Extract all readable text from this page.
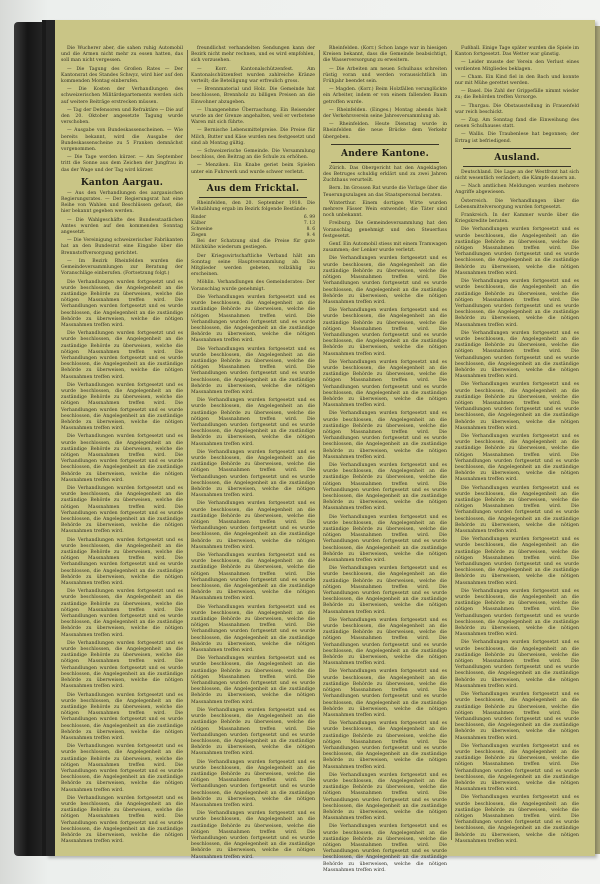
Die Wucherer aber, die sahen ruhig Automobil und die Armen nicht mehr zu essen hatten, das soll man nicht vergessen.

— Die Tagung des Großen Rates — Der Kantonsrat des Standes Schwyz, wird hier auf den kommenden Montag einberufen.

— Die Kosten der Verhandlungen des schweizerischen Militärdepartements werden sich auf weitere Beiträge erstrecken müssen.

— Tag der Defensoren und Refraktäre — Die auf den 20. Oktober angesetzte Tagung wurde verschoben.

— Ausgabe von Bundeskassenscheinen. — Wie bereits bekannt, wird die Ausgabe der Bundeskassenscheine zu 5 Franken demnächst vorgenommen.

— Die Tage werden kürzer. — Am September tritt die Sonne aus dem Zeichen der Jungfrau in das der Wage und der Tag wird kürzer.

Kanton Aargau.

— Aus den Verhandlungen des aargauischen Regierungsrates. — Der Regierungsrat hat eine Reihe von Wahlen und Beschlüssen gefasst, die hier bekannt gegeben werden.

— Die Wahlgeschäfte des Bundesstaatlichen Amtes wurden auf den kommenden Sonntag angesetzt.

— Die Vereinigung schweizerischer Fabrikanten hat an den Bundesrat eine Eingabe über die Brennstoffversorgung gerichtet.

— Im Bezirk Rheinfelden wurden die Gemeindeversammlungen zur Beratung der Voranschläge einberufen. (Fortsetzung folgt.)

Die Verhandlungen wurden fortgesetzt und es wurde beschlossen, die Angelegenheit an die zuständige Behörde zu überweisen, welche die nötigen Massnahmen treffen wird. Die Verhandlungen wurden fortgesetzt und es wurde beschlossen, die Angelegenheit an die zuständige Behörde zu überweisen, welche die nötigen Massnahmen treffen wird.

Die Verhandlungen wurden fortgesetzt und es wurde beschlossen, die Angelegenheit an die zuständige Behörde zu überweisen, welche die nötigen Massnahmen treffen wird. Die Verhandlungen wurden fortgesetzt und es wurde beschlossen, die Angelegenheit an die zuständige Behörde zu überweisen, welche die nötigen Massnahmen treffen wird.

Die Verhandlungen wurden fortgesetzt und es wurde beschlossen, die Angelegenheit an die zuständige Behörde zu überweisen, welche die nötigen Massnahmen treffen wird. Die Verhandlungen wurden fortgesetzt und es wurde beschlossen, die Angelegenheit an die zuständige Behörde zu überweisen, welche die nötigen Massnahmen treffen wird.

Die Verhandlungen wurden fortgesetzt und es wurde beschlossen, die Angelegenheit an die zuständige Behörde zu überweisen, welche die nötigen Massnahmen treffen wird. Die Verhandlungen wurden fortgesetzt und es wurde beschlossen, die Angelegenheit an die zuständige Behörde zu überweisen, welche die nötigen Massnahmen treffen wird.

Die Verhandlungen wurden fortgesetzt und es wurde beschlossen, die Angelegenheit an die zuständige Behörde zu überweisen, welche die nötigen Massnahmen treffen wird. Die Verhandlungen wurden fortgesetzt und es wurde beschlossen, die Angelegenheit an die zuständige Behörde zu überweisen, welche die nötigen Massnahmen treffen wird.

Die Verhandlungen wurden fortgesetzt und es wurde beschlossen, die Angelegenheit an die zuständige Behörde zu überweisen, welche die nötigen Massnahmen treffen wird. Die Verhandlungen wurden fortgesetzt und es wurde beschlossen, die Angelegenheit an die zuständige Behörde zu überweisen, welche die nötigen Massnahmen treffen wird.

Die Verhandlungen wurden fortgesetzt und es wurde beschlossen, die Angelegenheit an die zuständige Behörde zu überweisen, welche die nötigen Massnahmen treffen wird. Die Verhandlungen wurden fortgesetzt und es wurde beschlossen, die Angelegenheit an die zuständige Behörde zu überweisen, welche die nötigen Massnahmen treffen wird.

Die Verhandlungen wurden fortgesetzt und es wurde beschlossen, die Angelegenheit an die zuständige Behörde zu überweisen, welche die nötigen Massnahmen treffen wird. Die Verhandlungen wurden fortgesetzt und es wurde beschlossen, die Angelegenheit an die zuständige Behörde zu überweisen, welche die nötigen Massnahmen treffen wird.

Die Verhandlungen wurden fortgesetzt und es wurde beschlossen, die Angelegenheit an die zuständige Behörde zu überweisen, welche die nötigen Massnahmen treffen wird. Die Verhandlungen wurden fortgesetzt und es wurde beschlossen, die Angelegenheit an die zuständige Behörde zu überweisen, welche die nötigen Massnahmen treffen wird.

Die Verhandlungen wurden fortgesetzt und es wurde beschlossen, die Angelegenheit an die zuständige Behörde zu überweisen, welche die nötigen Massnahmen treffen wird. Die Verhandlungen wurden fortgesetzt und es wurde beschlossen, die Angelegenheit an die zuständige Behörde zu überweisen, welche die nötigen Massnahmen treffen wird.

Die Verhandlungen wurden fortgesetzt und es wurde beschlossen, die Angelegenheit an die zuständige Behörde zu überweisen, welche die nötigen Massnahmen treffen wird. Die Verhandlungen wurden fortgesetzt und es wurde beschlossen, die Angelegenheit an die zuständige Behörde zu überweisen, welche die nötigen Massnahmen treffen wird.

freundlichst verhandelten Sendungen kann der Bezirk nicht mehr rechnen, und es wird empfohlen, sich vorzusehen.

— Korr. Kantonalschützenfest. Am Kantonalschützenfest wurden zahlreiche Kränze verteilt; die Beteiligung war erfreulich gross.

— Brennmaterial und Holz. Die Gemeinde hat beschlossen, Brennholz zu billigen Preisen an die Einwohner abzugeben.

— Unangenehme Überraschung. Ein Reisender wurde an der Grenze angehalten, weil er verbotene Waren mit sich führte.

— Bernische Lebensmittelpreise. Die Preise für Milch, Butter und Käse wurden neu festgesetzt und sind ab Montag gültig.

— Schweizerische Gemeinde. Die Versammlung beschloss, den Beitrag an die Schule zu erhöhen.

— Menziken. Ein Knabe geriet beim Spielen unter ein Fuhrwerk und wurde schwer verletzt.

Aus dem Fricktal.

Rheinfelden, den 20. September 1918. Die Viehzählung ergab im Bezirk folgende Bestände:

Rinder	6. 99
Kälber	7. 13
Schweine	8. 6
Ziegen	9. 4

Bei der Schatzung sind die Preise für gute Milchkühe wiederum gestiegen.

Der Kriegswirtschaftliche Verband hält am Sonntag seine Hauptversammlung ab. Die Mitglieder werden gebeten, vollzählig zu erscheinen.

Möhlin. Verhandlungen des Gemeinderates: Der Voranschlag wurde genehmigt.

Die Verhandlungen wurden fortgesetzt und es wurde beschlossen, die Angelegenheit an die zuständige Behörde zu überweisen, welche die nötigen Massnahmen treffen wird. Die Verhandlungen wurden fortgesetzt und es wurde beschlossen, die Angelegenheit an die zuständige Behörde zu überweisen, welche die nötigen Massnahmen treffen wird.

Die Verhandlungen wurden fortgesetzt und es wurde beschlossen, die Angelegenheit an die zuständige Behörde zu überweisen, welche die nötigen Massnahmen treffen wird. Die Verhandlungen wurden fortgesetzt und es wurde beschlossen, die Angelegenheit an die zuständige Behörde zu überweisen, welche die nötigen Massnahmen treffen wird.

Die Verhandlungen wurden fortgesetzt und es wurde beschlossen, die Angelegenheit an die zuständige Behörde zu überweisen, welche die nötigen Massnahmen treffen wird. Die Verhandlungen wurden fortgesetzt und es wurde beschlossen, die Angelegenheit an die zuständige Behörde zu überweisen, welche die nötigen Massnahmen treffen wird.

Die Verhandlungen wurden fortgesetzt und es wurde beschlossen, die Angelegenheit an die zuständige Behörde zu überweisen, welche die nötigen Massnahmen treffen wird. Die Verhandlungen wurden fortgesetzt und es wurde beschlossen, die Angelegenheit an die zuständige Behörde zu überweisen, welche die nötigen Massnahmen treffen wird.

Die Verhandlungen wurden fortgesetzt und es wurde beschlossen, die Angelegenheit an die zuständige Behörde zu überweisen, welche die nötigen Massnahmen treffen wird. Die Verhandlungen wurden fortgesetzt und es wurde beschlossen, die Angelegenheit an die zuständige Behörde zu überweisen, welche die nötigen Massnahmen treffen wird.

Die Verhandlungen wurden fortgesetzt und es wurde beschlossen, die Angelegenheit an die zuständige Behörde zu überweisen, welche die nötigen Massnahmen treffen wird. Die Verhandlungen wurden fortgesetzt und es wurde beschlossen, die Angelegenheit an die zuständige Behörde zu überweisen, welche die nötigen Massnahmen treffen wird.

Die Verhandlungen wurden fortgesetzt und es wurde beschlossen, die Angelegenheit an die zuständige Behörde zu überweisen, welche die nötigen Massnahmen treffen wird. Die Verhandlungen wurden fortgesetzt und es wurde beschlossen, die Angelegenheit an die zuständige Behörde zu überweisen, welche die nötigen Massnahmen treffen wird.

Die Verhandlungen wurden fortgesetzt und es wurde beschlossen, die Angelegenheit an die zuständige Behörde zu überweisen, welche die nötigen Massnahmen treffen wird. Die Verhandlungen wurden fortgesetzt und es wurde beschlossen, die Angelegenheit an die zuständige Behörde zu überweisen, welche die nötigen Massnahmen treffen wird.

Die Verhandlungen wurden fortgesetzt und es wurde beschlossen, die Angelegenheit an die zuständige Behörde zu überweisen, welche die nötigen Massnahmen treffen wird. Die Verhandlungen wurden fortgesetzt und es wurde beschlossen, die Angelegenheit an die zuständige Behörde zu überweisen, welche die nötigen Massnahmen treffen wird.

Die Verhandlungen wurden fortgesetzt und es wurde beschlossen, die Angelegenheit an die zuständige Behörde zu überweisen, welche die nötigen Massnahmen treffen wird. Die Verhandlungen wurden fortgesetzt und es wurde beschlossen, die Angelegenheit an die zuständige Behörde zu überweisen, welche die nötigen Massnahmen treffen wird.

Die Verhandlungen wurden fortgesetzt und es wurde beschlossen, die Angelegenheit an die zuständige Behörde zu überweisen, welche die nötigen Massnahmen treffen wird. Die Verhandlungen wurden fortgesetzt und es wurde beschlossen, die Angelegenheit an die zuständige Behörde zu überweisen, welche die nötigen Massnahmen treffen wird.

Rheinfelden. (Korr.) Schon lange war in hiesigen Kreisen bekannt, dass die Gemeinde beabsichtigt, die Wasserversorgung zu erweitern.

— Die Arbeiten am neuen Schulhaus schreiten rüstig voran und werden voraussichtlich im Frühjahr beendet sein.

— Magden. (Korr.) Beim Holzfällen verunglückte ein Arbeiter, indem er von einem fallenden Baum getroffen wurde.

— Rheinfelden. (Einges.) Montag abends hielt der Verkehrsverein seine Jahresversammlung ab.

— Rheinfelden. Heute Dienstag wurde in Rheinfelden die neue Brücke dem Verkehr übergeben.

Andere Kantone.

Zürich. Das Obergericht hat den Angeklagten des Betruges schuldig erklärt und zu zwei Jahren Zuchthaus verurteilt.

Bern. Im Grossen Rat wurde die Vorlage über die Teuerungszulagen an das Staatspersonal beraten.

Winterthur. Einem dortigen Wirte wurden mehrere Fässer Wein entwendet; die Täter sind noch unbekannt.

Freiburg. Die Gemeindeversammlung hat den Voranschlag genehmigt und den Steuerfuss festgesetzt.

Genf. Ein Automobil stiess mit einem Tramwagen zusammen; der Lenker wurde verletzt.

Die Verhandlungen wurden fortgesetzt und es wurde beschlossen, die Angelegenheit an die zuständige Behörde zu überweisen, welche die nötigen Massnahmen treffen wird. Die Verhandlungen wurden fortgesetzt und es wurde beschlossen, die Angelegenheit an die zuständige Behörde zu überweisen, welche die nötigen Massnahmen treffen wird.

Die Verhandlungen wurden fortgesetzt und es wurde beschlossen, die Angelegenheit an die zuständige Behörde zu überweisen, welche die nötigen Massnahmen treffen wird. Die Verhandlungen wurden fortgesetzt und es wurde beschlossen, die Angelegenheit an die zuständige Behörde zu überweisen, welche die nötigen Massnahmen treffen wird.

Die Verhandlungen wurden fortgesetzt und es wurde beschlossen, die Angelegenheit an die zuständige Behörde zu überweisen, welche die nötigen Massnahmen treffen wird. Die Verhandlungen wurden fortgesetzt und es wurde beschlossen, die Angelegenheit an die zuständige Behörde zu überweisen, welche die nötigen Massnahmen treffen wird.

Die Verhandlungen wurden fortgesetzt und es wurde beschlossen, die Angelegenheit an die zuständige Behörde zu überweisen, welche die nötigen Massnahmen treffen wird. Die Verhandlungen wurden fortgesetzt und es wurde beschlossen, die Angelegenheit an die zuständige Behörde zu überweisen, welche die nötigen Massnahmen treffen wird.

Die Verhandlungen wurden fortgesetzt und es wurde beschlossen, die Angelegenheit an die zuständige Behörde zu überweisen, welche die nötigen Massnahmen treffen wird. Die Verhandlungen wurden fortgesetzt und es wurde beschlossen, die Angelegenheit an die zuständige Behörde zu überweisen, welche die nötigen Massnahmen treffen wird.

Die Verhandlungen wurden fortgesetzt und es wurde beschlossen, die Angelegenheit an die zuständige Behörde zu überweisen, welche die nötigen Massnahmen treffen wird. Die Verhandlungen wurden fortgesetzt und es wurde beschlossen, die Angelegenheit an die zuständige Behörde zu überweisen, welche die nötigen Massnahmen treffen wird.

Die Verhandlungen wurden fortgesetzt und es wurde beschlossen, die Angelegenheit an die zuständige Behörde zu überweisen, welche die nötigen Massnahmen treffen wird. Die Verhandlungen wurden fortgesetzt und es wurde beschlossen, die Angelegenheit an die zuständige Behörde zu überweisen, welche die nötigen Massnahmen treffen wird.

Die Verhandlungen wurden fortgesetzt und es wurde beschlossen, die Angelegenheit an die zuständige Behörde zu überweisen, welche die nötigen Massnahmen treffen wird. Die Verhandlungen wurden fortgesetzt und es wurde beschlossen, die Angelegenheit an die zuständige Behörde zu überweisen, welche die nötigen Massnahmen treffen wird.

Die Verhandlungen wurden fortgesetzt und es wurde beschlossen, die Angelegenheit an die zuständige Behörde zu überweisen, welche die nötigen Massnahmen treffen wird. Die Verhandlungen wurden fortgesetzt und es wurde beschlossen, die Angelegenheit an die zuständige Behörde zu überweisen, welche die nötigen Massnahmen treffen wird.

Die Verhandlungen wurden fortgesetzt und es wurde beschlossen, die Angelegenheit an die zuständige Behörde zu überweisen, welche die nötigen Massnahmen treffen wird. Die Verhandlungen wurden fortgesetzt und es wurde beschlossen, die Angelegenheit an die zuständige Behörde zu überweisen, welche die nötigen Massnahmen treffen wird.

Die Verhandlungen wurden fortgesetzt und es wurde beschlossen, die Angelegenheit an die zuständige Behörde zu überweisen, welche die nötigen Massnahmen treffen wird. Die Verhandlungen wurden fortgesetzt und es wurde beschlossen, die Angelegenheit an die zuständige Behörde zu überweisen, welche die nötigen Massnahmen treffen wird.

Die Verhandlungen wurden fortgesetzt und es wurde beschlossen, die Angelegenheit an die zuständige Behörde zu überweisen, welche die nötigen Massnahmen treffen wird. Die Verhandlungen wurden fortgesetzt und es wurde beschlossen, die Angelegenheit an die zuständige Behörde zu überweisen, welche die nötigen Massnahmen treffen wird.

Fußball. Einige Tage später wurden die Spiele im Kanton fortgesetzt. Das Wetter war günstig.

— Leider musste der Verein den Verlust eines verdienten Mitgliedes beklagen.

— Cham. Ein Kind fiel in den Bach und konnte nur mit Mühe gerettet werden.

— Basel. Die Zahl der Grippefälle nimmt wieder zu; die Behörden treffen Vorsorge.

— Thurgau. Die Obstausstellung in Frauenfeld war reich beschickt.

— Zug. Am Sonntag fand die Einweihung des neuen Schulhauses statt.

— Wallis. Die Traubenlese hat begonnen; der Ertrag ist befriedigend.

Ausland.

Deutschland. Die Lage an der Westfront hat sich nicht wesentlich verändert; die Kämpfe dauern an.

— Nach amtlichen Meldungen wurden mehrere Angriffe abgewiesen.

Österreich. Die Verhandlungen über die Lebensmittelversorgung wurden fortgesetzt.

Frankreich. In der Kammer wurde über die Kriegskredite beraten.

Die Verhandlungen wurden fortgesetzt und es wurde beschlossen, die Angelegenheit an die zuständige Behörde zu überweisen, welche die nötigen Massnahmen treffen wird. Die Verhandlungen wurden fortgesetzt und es wurde beschlossen, die Angelegenheit an die zuständige Behörde zu überweisen, welche die nötigen Massnahmen treffen wird.

Die Verhandlungen wurden fortgesetzt und es wurde beschlossen, die Angelegenheit an die zuständige Behörde zu überweisen, welche die nötigen Massnahmen treffen wird. Die Verhandlungen wurden fortgesetzt und es wurde beschlossen, die Angelegenheit an die zuständige Behörde zu überweisen, welche die nötigen Massnahmen treffen wird.

Die Verhandlungen wurden fortgesetzt und es wurde beschlossen, die Angelegenheit an die zuständige Behörde zu überweisen, welche die nötigen Massnahmen treffen wird. Die Verhandlungen wurden fortgesetzt und es wurde beschlossen, die Angelegenheit an die zuständige Behörde zu überweisen, welche die nötigen Massnahmen treffen wird.

Die Verhandlungen wurden fortgesetzt und es wurde beschlossen, die Angelegenheit an die zuständige Behörde zu überweisen, welche die nötigen Massnahmen treffen wird. Die Verhandlungen wurden fortgesetzt und es wurde beschlossen, die Angelegenheit an die zuständige Behörde zu überweisen, welche die nötigen Massnahmen treffen wird.

Die Verhandlungen wurden fortgesetzt und es wurde beschlossen, die Angelegenheit an die zuständige Behörde zu überweisen, welche die nötigen Massnahmen treffen wird. Die Verhandlungen wurden fortgesetzt und es wurde beschlossen, die Angelegenheit an die zuständige Behörde zu überweisen, welche die nötigen Massnahmen treffen wird.

Die Verhandlungen wurden fortgesetzt und es wurde beschlossen, die Angelegenheit an die zuständige Behörde zu überweisen, welche die nötigen Massnahmen treffen wird. Die Verhandlungen wurden fortgesetzt und es wurde beschlossen, die Angelegenheit an die zuständige Behörde zu überweisen, welche die nötigen Massnahmen treffen wird.

Die Verhandlungen wurden fortgesetzt und es wurde beschlossen, die Angelegenheit an die zuständige Behörde zu überweisen, welche die nötigen Massnahmen treffen wird. Die Verhandlungen wurden fortgesetzt und es wurde beschlossen, die Angelegenheit an die zuständige Behörde zu überweisen, welche die nötigen Massnahmen treffen wird.

Die Verhandlungen wurden fortgesetzt und es wurde beschlossen, die Angelegenheit an die zuständige Behörde zu überweisen, welche die nötigen Massnahmen treffen wird. Die Verhandlungen wurden fortgesetzt und es wurde beschlossen, die Angelegenheit an die zuständige Behörde zu überweisen, welche die nötigen Massnahmen treffen wird.

Die Verhandlungen wurden fortgesetzt und es wurde beschlossen, die Angelegenheit an die zuständige Behörde zu überweisen, welche die nötigen Massnahmen treffen wird. Die Verhandlungen wurden fortgesetzt und es wurde beschlossen, die Angelegenheit an die zuständige Behörde zu überweisen, welche die nötigen Massnahmen treffen wird.

Die Verhandlungen wurden fortgesetzt und es wurde beschlossen, die Angelegenheit an die zuständige Behörde zu überweisen, welche die nötigen Massnahmen treffen wird. Die Verhandlungen wurden fortgesetzt und es wurde beschlossen, die Angelegenheit an die zuständige Behörde zu überweisen, welche die nötigen Massnahmen treffen wird.

Die Verhandlungen wurden fortgesetzt und es wurde beschlossen, die Angelegenheit an die zuständige Behörde zu überweisen, welche die nötigen Massnahmen treffen wird. Die Verhandlungen wurden fortgesetzt und es wurde beschlossen, die Angelegenheit an die zuständige Behörde zu überweisen, welche die nötigen Massnahmen treffen wird.

Die Verhandlungen wurden fortgesetzt und es wurde beschlossen, die Angelegenheit an die zuständige Behörde zu überweisen, welche die nötigen Massnahmen treffen wird. Die Verhandlungen wurden fortgesetzt und es wurde beschlossen, die Angelegenheit an die zuständige Behörde zu überweisen, welche die nötigen Massnahmen treffen wird.
